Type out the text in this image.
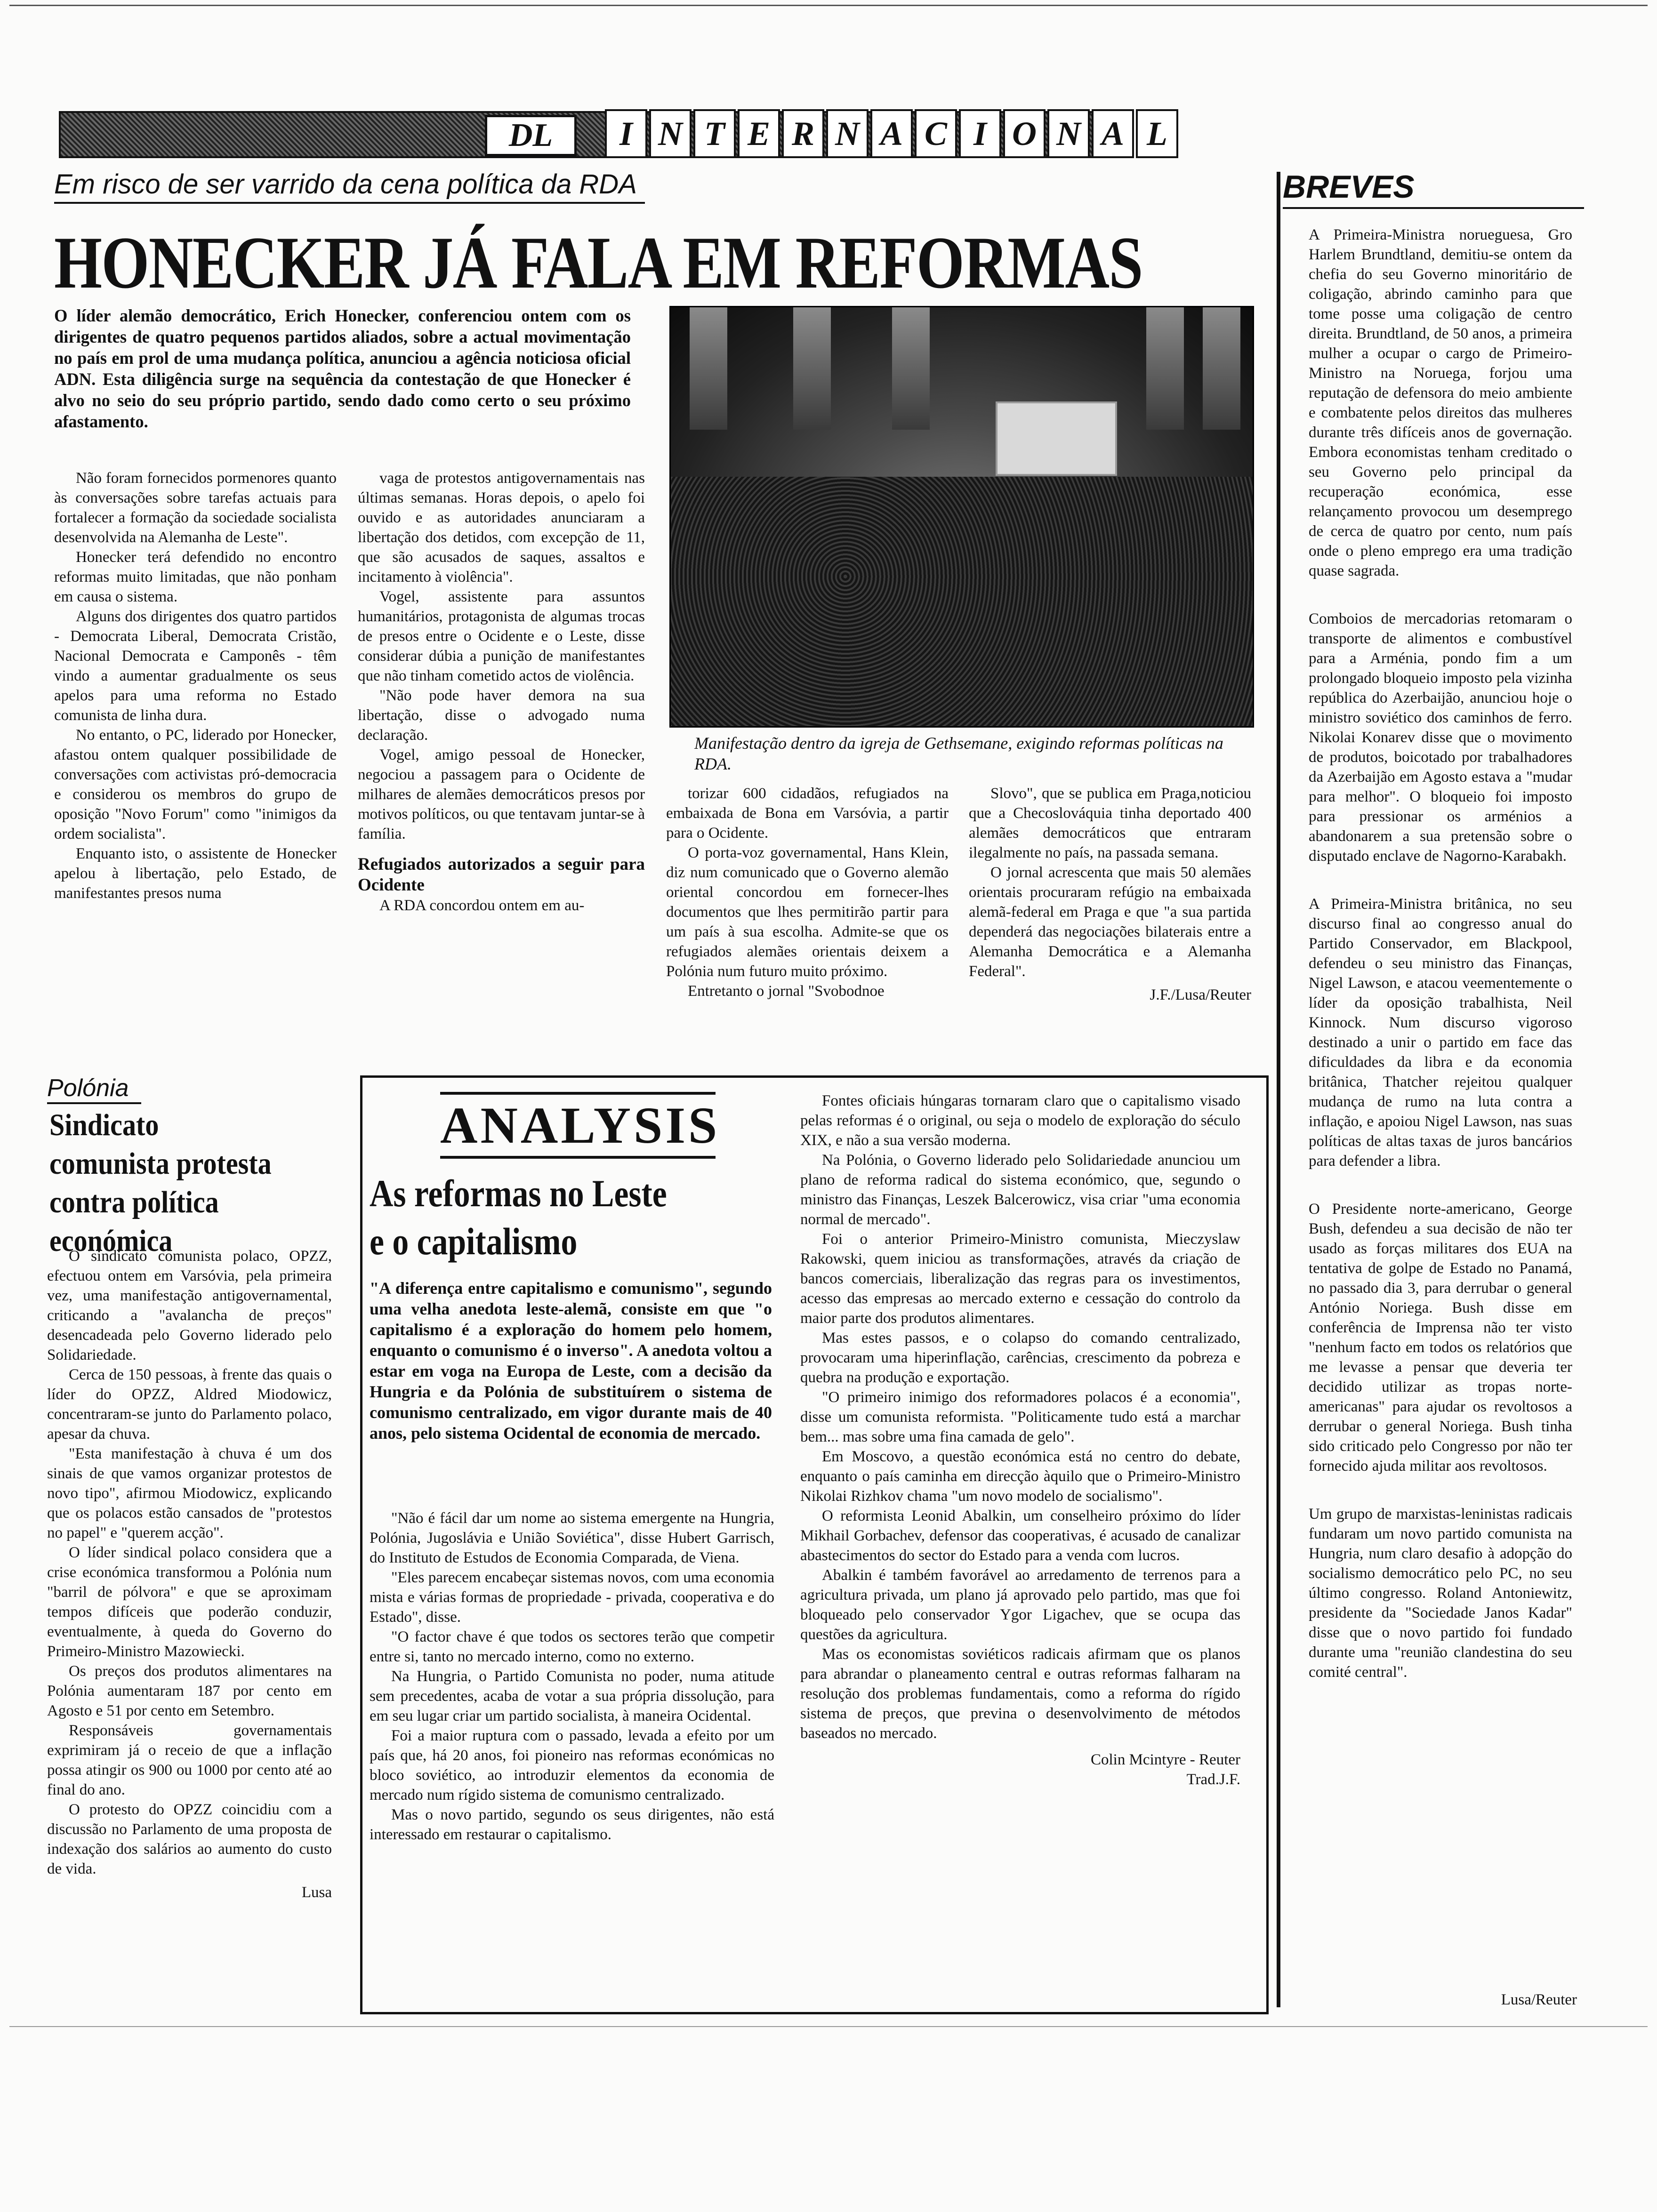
DL	I N T E R N A C I O N A L
Em risco de ser varrido da cena política da RDA
HONECKER JÁ FALA EM REFORMAS
O líder alemão democrático, Erich Honecker, conferenciou ontem com os dirigentes de quatro pequenos partidos aliados, sobre a actual movimentação no país em prol de uma mudança política, anunciou a agência noticiosa oficial ADN. Esta diligência surge na sequência da contestação de que Honecker é alvo no seio do seu próprio partido, sendo dado como certo o seu próximo afastamento.

Não foram fornecidos pormenores quanto às conversações sobre tarefas actuais para fortalecer a formação da sociedade socialista desenvolvida na Alemanha de Leste".

Honecker terá defendido no encontro reformas muito limitadas, que não ponham em causa o sistema.

Alguns dos dirigentes dos quatro partidos - Democrata Liberal, Democrata Cristão, Nacional Democrata e Camponês - têm vindo a aumentar gradualmente os seus apelos para uma reforma no Estado comunista de linha dura.

No entanto, o PC, liderado por Honecker, afastou ontem qualquer possibilidade de conversações com activistas pró-democracia e considerou os membros do grupo de oposição "Novo Forum" como "inimigos da ordem socialista".

Enquanto isto, o assistente de Honecker apelou à libertação, pelo Estado, de manifestantes presos numa

vaga de protestos antigovernamentais nas últimas semanas. Horas depois, o apelo foi ouvido e as autoridades anunciaram a libertação dos detidos, com excepção de 11, que são acusados de saques, assaltos e incitamento à violência".

Vogel, assistente para assuntos humanitários, protagonista de algumas trocas de presos entre o Ocidente e o Leste, disse considerar dúbia a punição de manifestantes que não tinham cometido actos de violência.

"Não pode haver demora na sua libertação, disse o advogado numa declaração.

Vogel, amigo pessoal de Honecker, negociou a passagem para o Ocidente de milhares de alemães democráticos presos por motivos políticos, ou que tentavam juntar-se à família.

Refugiados autorizados a seguir para Ocidente

A RDA concordou ontem em au-

Manifestação dentro da igreja de Gethsemane, exigindo reformas políticas na RDA.

torizar 600 cidadãos, refugiados na embaixada de Bona em Varsóvia, a partir para o Ocidente.

O porta-voz governamental, Hans Klein, diz num comunicado que o Governo alemão oriental concordou em fornecer-lhes documentos que lhes permitirão partir para um país à sua escolha. Admite-se que os refugiados alemães orientais deixem a Polónia num futuro muito próximo.

Entretanto o jornal "Svobodnoe

Slovo", que se publica em Praga,noticiou que a Checoslováquia tinha deportado 400 alemães democráticos que entraram ilegalmente no país, na passada semana.

O jornal acrescenta que mais 50 alemães orientais procuraram refúgio na embaixada alemã-federal em Praga e que "a sua partida dependerá das negociações bilaterais entre a Alemanha Democrática e a Alemanha Federal".

J.F./Lusa/Reuter
BREVES

A Primeira-Ministra norueguesa, Gro Harlem Brundtland, demitiu-se ontem da chefia do seu Governo minoritário de coligação, abrindo caminho para que tome posse uma coligação de centro direita. Brundtland, de 50 anos, a primeira mulher a ocupar o cargo de Primeiro-Ministro na Noruega, forjou uma reputação de defensora do meio ambiente e combatente pelos direitos das mulheres durante três difíceis anos de governação. Embora economistas tenham creditado o seu Governo pelo principal da recuperação económica, esse relançamento provocou um desemprego de cerca de quatro por cento, num país onde o pleno emprego era uma tradição quase sagrada.

Comboios de mercadorias retomaram o transporte de alimentos e combustível para a Arménia, pondo fim a um prolongado bloqueio imposto pela vizinha república do Azerbaijão, anunciou hoje o ministro soviético dos caminhos de ferro. Nikolai Konarev disse que o movimento de produtos, boicotado por trabalhadores da Azerbaijão em Agosto estava a "mudar para melhor". O bloqueio foi imposto para pressionar os arménios a abandonarem a sua pretensão sobre o disputado enclave de Nagorno-Karabakh.

A Primeira-Ministra britânica, no seu discurso final ao congresso anual do Partido Conservador, em Blackpool, defendeu o seu ministro das Finanças, Nigel Lawson, e atacou veementemente o líder da oposição trabalhista, Neil Kinnock. Num discurso vigoroso destinado a unir o partido em face das dificuldades da libra e da economia britânica, Thatcher rejeitou qualquer mudança de rumo na luta contra a inflação, e apoiou Nigel Lawson, nas suas políticas de altas taxas de juros bancários para defender a libra.

O Presidente norte-americano, George Bush, defendeu a sua decisão de não ter usado as forças militares dos EUA na tentativa de golpe de Estado no Panamá, no passado dia 3, para derrubar o general António Noriega. Bush disse em conferência de Imprensa não ter visto "nenhum facto em todos os relatórios que me levasse a pensar que deveria ter decidido utilizar as tropas norte-americanas" para ajudar os revoltosos a derrubar o general Noriega. Bush tinha sido criticado pelo Congresso por não ter fornecido ajuda militar aos revoltosos.

Um grupo de marxistas-leninistas radicais fundaram um novo partido comunista na Hungria, num claro desafio à adopção do socialismo democrático pelo PC, no seu último congresso. Roland Antoniewitz, presidente da "Sociedade Janos Kadar" disse que o novo partido foi fundado durante uma "reunião clandestina do seu comité central".

Polónia
Sindicato comunista protesta contra política económica

O sindicato comunista polaco, OPZZ, efectuou ontem em Varsóvia, pela primeira vez, uma manifestação antigovernamental, criticando a "avalancha de preços" desencadeada pelo Governo liderado pelo Solidariedade.

Cerca de 150 pessoas, à frente das quais o líder do OPZZ, Aldred Miodowicz, concentraram-se junto do Parlamento polaco, apesar da chuva.

"Esta manifestação à chuva é um dos sinais de que vamos organizar protestos de novo tipo", afirmou Miodowicz, explicando que os polacos estão cansados de "protestos no papel" e "querem acção".

O líder sindical polaco considera que a crise económica transformou a Polónia num "barril de pólvora" e que se aproximam tempos difíceis que poderão conduzir, eventualmente, à queda do Governo do Primeiro-Ministro Mazowiecki.

Os preços dos produtos alimentares na Polónia aumentaram 187 por cento em Agosto e 51 por cento em Setembro.

Responsáveis governamentais exprimiram já o receio de que a inflação possa atingir os 900 ou 1000 por cento até ao final do ano.

O protesto do OPZZ coincidiu com a discussão no Parlamento de uma proposta de indexação dos salários ao aumento do custo de vida.

Lusa
ANALYSIS
As reformas no Leste e o capitalismo
"A diferença entre capitalismo e comunismo", segundo uma velha anedota leste-alemã, consiste em que "o capitalismo é a exploração do homem pelo homem, enquanto o comunismo é o inverso". A anedota voltou a estar em voga na Europa de Leste, com a decisão da Hungria e da Polónia de substituírem o sistema de comunismo centralizado, em vigor durante mais de 40 anos, pelo sistema Ocidental de economia de mercado.

"Não é fácil dar um nome ao sistema emergente na Hungria, Polónia, Jugoslávia e União Soviética", disse Hubert Garrisch, do Instituto de Estudos de Economia Comparada, de Viena.

"Eles parecem encabeçar sistemas novos, com uma economia mista e várias formas de propriedade - privada, cooperativa e do Estado", disse.

"O factor chave é que todos os sectores terão que competir entre si, tanto no mercado interno, como no externo.

Na Hungria, o Partido Comunista no poder, numa atitude sem precedentes, acaba de votar a sua própria dissolução, para em seu lugar criar um partido socialista, à maneira Ocidental.

Foi a maior ruptura com o passado, levada a efeito por um país que, há 20 anos, foi pioneiro nas reformas económicas no bloco soviético, ao introduzir elementos da economia de mercado num rígido sistema de comunismo centralizado.

Mas o novo partido, segundo os seus dirigentes, não está interessado em restaurar o capitalismo.

Fontes oficiais húngaras tornaram claro que o capitalismo visado pelas reformas é o original, ou seja o modelo de exploração do século XIX, e não a sua versão moderna.

Na Polónia, o Governo liderado pelo Solidariedade anunciou um plano de reforma radical do sistema económico, que, segundo o ministro das Finanças, Leszek Balcerowicz, visa criar "uma economia normal de mercado".

Foi o anterior Primeiro-Ministro comunista, Mieczyslaw Rakowski, quem iniciou as transformações, através da criação de bancos comerciais, liberalização das regras para os investimentos, acesso das empresas ao mercado externo e cessação do controlo da maior parte dos produtos alimentares.

Mas estes passos, e o colapso do comando centralizado, provocaram uma hiperinflação, carências, crescimento da pobreza e quebra na produção e exportação.

"O primeiro inimigo dos reformadores polacos é a economia", disse um comunista reformista. "Politicamente tudo está a marchar bem... mas sobre uma fina camada de gelo".

Em Moscovo, a questão económica está no centro do debate, enquanto o país caminha em direcção àquilo que o Primeiro-Ministro Nikolai Rizhkov chama "um novo modelo de socialismo".

O reformista Leonid Abalkin, um conselheiro próximo do líder Mikhail Gorbachev, defensor das cooperativas, é acusado de canalizar abastecimentos do sector do Estado para a venda com lucros.

Abalkin é também favorável ao arredamento de terrenos para a agricultura privada, um plano já aprovado pelo partido, mas que foi bloqueado pelo conservador Ygor Ligachev, que se ocupa das questões da agricultura.

Mas os economistas soviéticos radicais afirmam que os planos para abrandar o planeamento central e outras reformas falharam na resolução dos problemas fundamentais, como a reforma do rígido sistema de preços, que previna o desenvolvimento de métodos baseados no mercado.

Colin Mcintyre - Reuter
Trad.J.F.
Lusa/Reuter
